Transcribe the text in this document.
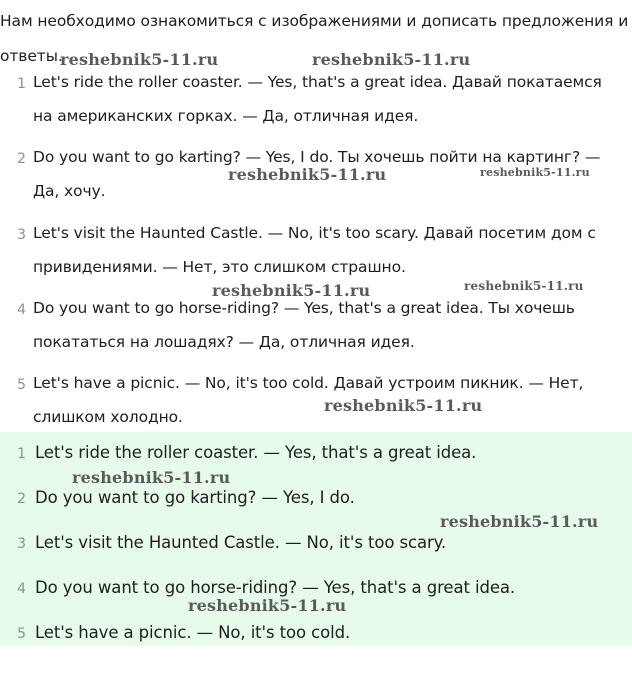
Нам необходимо ознакомиться с изображениями и дописать предложения и ответы.
1 Let's ride the roller coaster. — Yes, that's a great idea. Давай покатаемся на американских горках. — Да, отличная идея.
2 Do you want to go karting? — Yes, I do. Ты хочешь пойти на картинг? — Да, хочу.
3 Let's visit the Haunted Castle. — No, it's too scary. Давай посетим дом с привидениями. — Нет, это слишком страшно.
4 Do you want to go horse-riding? — Yes, that's a great idea. Ты хочешь покататься на лошадях? — Да, отличная идея.
5 Let's have a picnic. — No, it's too cold. Давай устроим пикник. — Нет, слишком холодно.
1 Let's ride the roller coaster. — Yes, that's a great idea.
2 Do you want to go karting? — Yes, I do.
3 Let's visit the Haunted Castle. — No, it's too scary.
4 Do you want to go horse-riding? — Yes, that's a great idea.
5 Let's have a picnic. — No, it's too cold.
reshebnik5-11.ru	reshebnik5-11.ru
reshebnik5-11.ru	reshebnik5-11.ru
reshebnik5-11.ru	reshebnik5-11.ru
reshebnik5-11.ru
reshebnik5-11.ru
reshebnik5-11.ru
reshebnik5-11.ru
